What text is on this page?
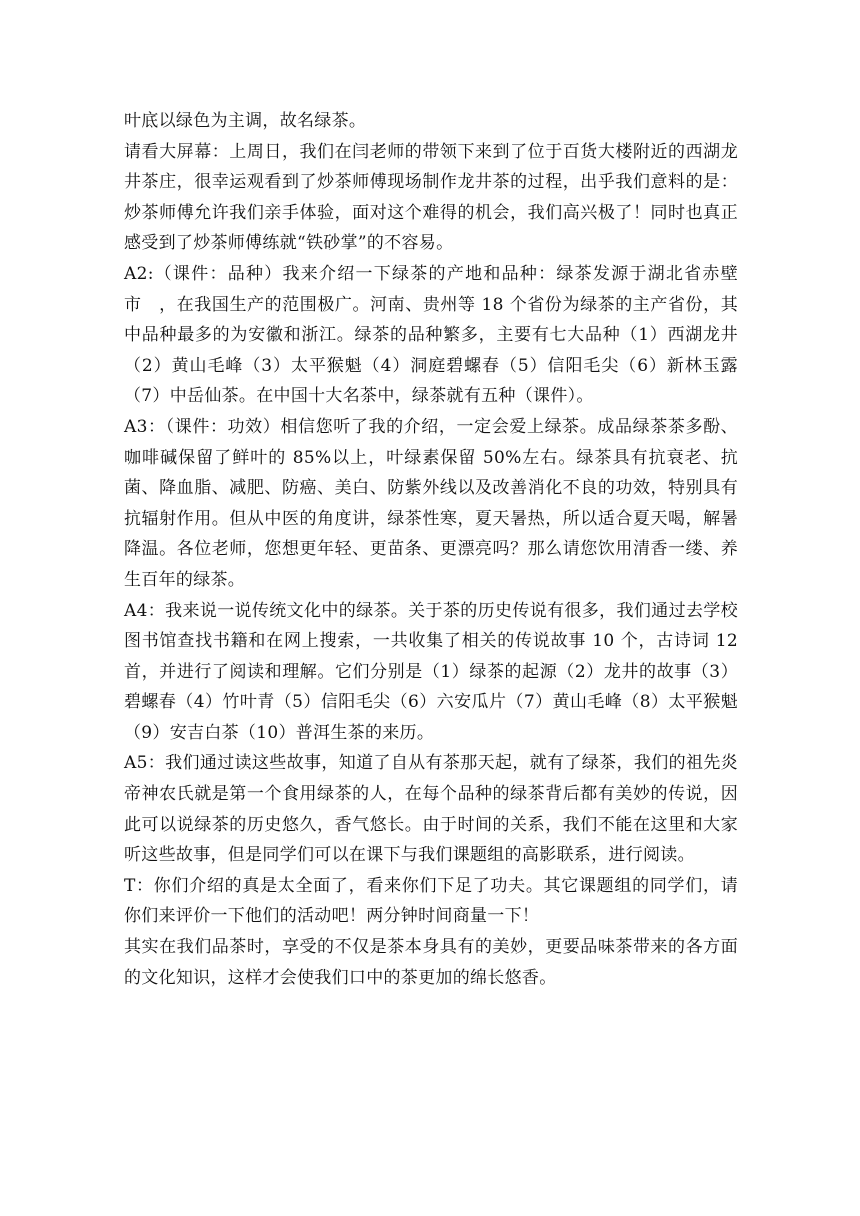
叶底以绿色为主调，故名绿茶。

请看大屏幕：上周日，我们在闫老师的带领下来到了位于百货大楼附近的西湖龙井茶庄，很幸运观看到了炒茶师傅现场制作龙井茶的过程，出乎我们意料的是：炒茶师傅允许我们亲手体验，面对这个难得的机会，我们高兴极了！同时也真正感受到了炒茶师傅练就“铁砂掌”的不容易。

A2:（课件：品种）我来介绍一下绿茶的产地和品种：绿茶发源于湖北省赤壁市　，在我国生产的范围极广。河南、贵州等 18 个省份为绿茶的主产省份，其中品种最多的为安徽和浙江。绿茶的品种繁多，主要有七大品种（1）西湖龙井（2）黄山毛峰（3）太平猴魁（4）洞庭碧螺春（5）信阳毛尖（6）新林玉露（7）中岳仙茶。在中国十大名茶中，绿茶就有五种（课件）。

A3：（课件：功效）相信您听了我的介绍，一定会爱上绿茶。成品绿茶茶多酚、咖啡碱保留了鲜叶的 85%以上，叶绿素保留 50%左右。绿茶具有抗衰老、抗菌、降血脂、减肥、防癌、美白、防紫外线以及改善消化不良的功效，特别具有抗辐射作用。但从中医的角度讲，绿茶性寒，夏天暑热，所以适合夏天喝，解暑降温。各位老师，您想更年轻、更苗条、更漂亮吗？那么请您饮用清香一缕、养生百年的绿茶。

A4：我来说一说传统文化中的绿茶。关于茶的历史传说有很多，我们通过去学校图书馆查找书籍和在网上搜索，一共收集了相关的传说故事 10 个，古诗词 12 首，并进行了阅读和理解。它们分别是（1）绿茶的起源（2）龙井的故事（3）碧螺春（4）竹叶青（5）信阳毛尖（6）六安瓜片（7）黄山毛峰（8）太平猴魁（9）安吉白茶（10）普洱生茶的来历。

A5：我们通过读这些故事，知道了自从有茶那天起，就有了绿茶，我们的祖先炎帝神农氏就是第一个食用绿茶的人，在每个品种的绿茶背后都有美妙的传说，因此可以说绿茶的历史悠久，香气悠长。由于时间的关系，我们不能在这里和大家听这些故事，但是同学们可以在课下与我们课题组的高影联系，进行阅读。

T：你们介绍的真是太全面了，看来你们下足了功夫。其它课题组的同学们，请你们来评价一下他们的活动吧！两分钟时间商量一下！

其实在我们品茶时，享受的不仅是茶本身具有的美妙，更要品味茶带来的各方面的文化知识，这样才会使我们口中的茶更加的绵长悠香。
